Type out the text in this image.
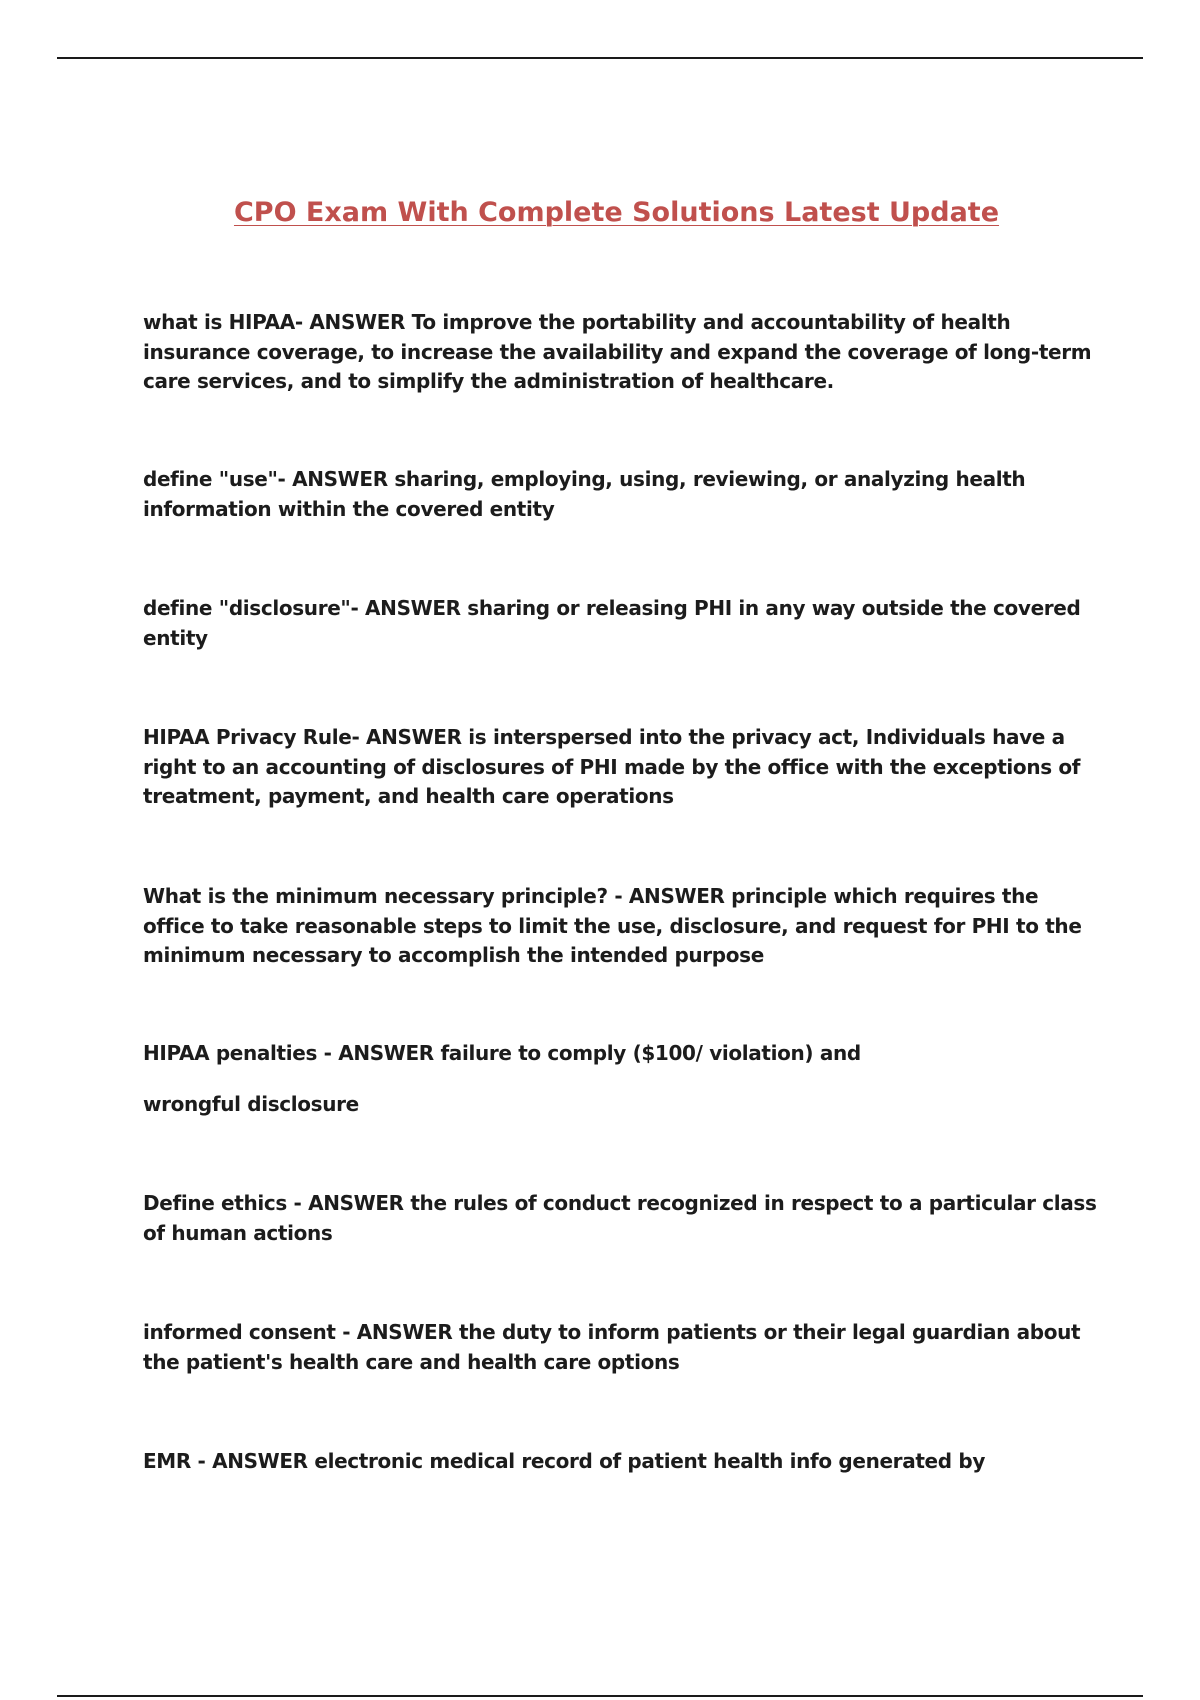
CPO Exam With Complete Solutions Latest Update

what is HIPAA- ANSWER To improve the portability and accountability of health insurance coverage, to increase the availability and expand the coverage of long-term care services, and to simplify the administration of healthcare.

define "use"- ANSWER sharing, employing, using, reviewing, or analyzing health information within the covered entity

define "disclosure"- ANSWER sharing or releasing PHI in any way outside the covered entity

HIPAA Privacy Rule- ANSWER is interspersed into the privacy act, Individuals have a right to an accounting of disclosures of PHI made by the office with the exceptions of treatment, payment, and health care operations

What is the minimum necessary principle? - ANSWER principle which requires the office to take reasonable steps to limit the use, disclosure, and request for PHI to the minimum necessary to accomplish the intended purpose

HIPAA penalties - ANSWER failure to comply ($100/ violation) and
wrongful disclosure

Define ethics - ANSWER the rules of conduct recognized in respect to a particular class of human actions

informed consent - ANSWER the duty to inform patients or their legal guardian about the patient's health care and health care options

EMR - ANSWER electronic medical record of patient health info generated by
